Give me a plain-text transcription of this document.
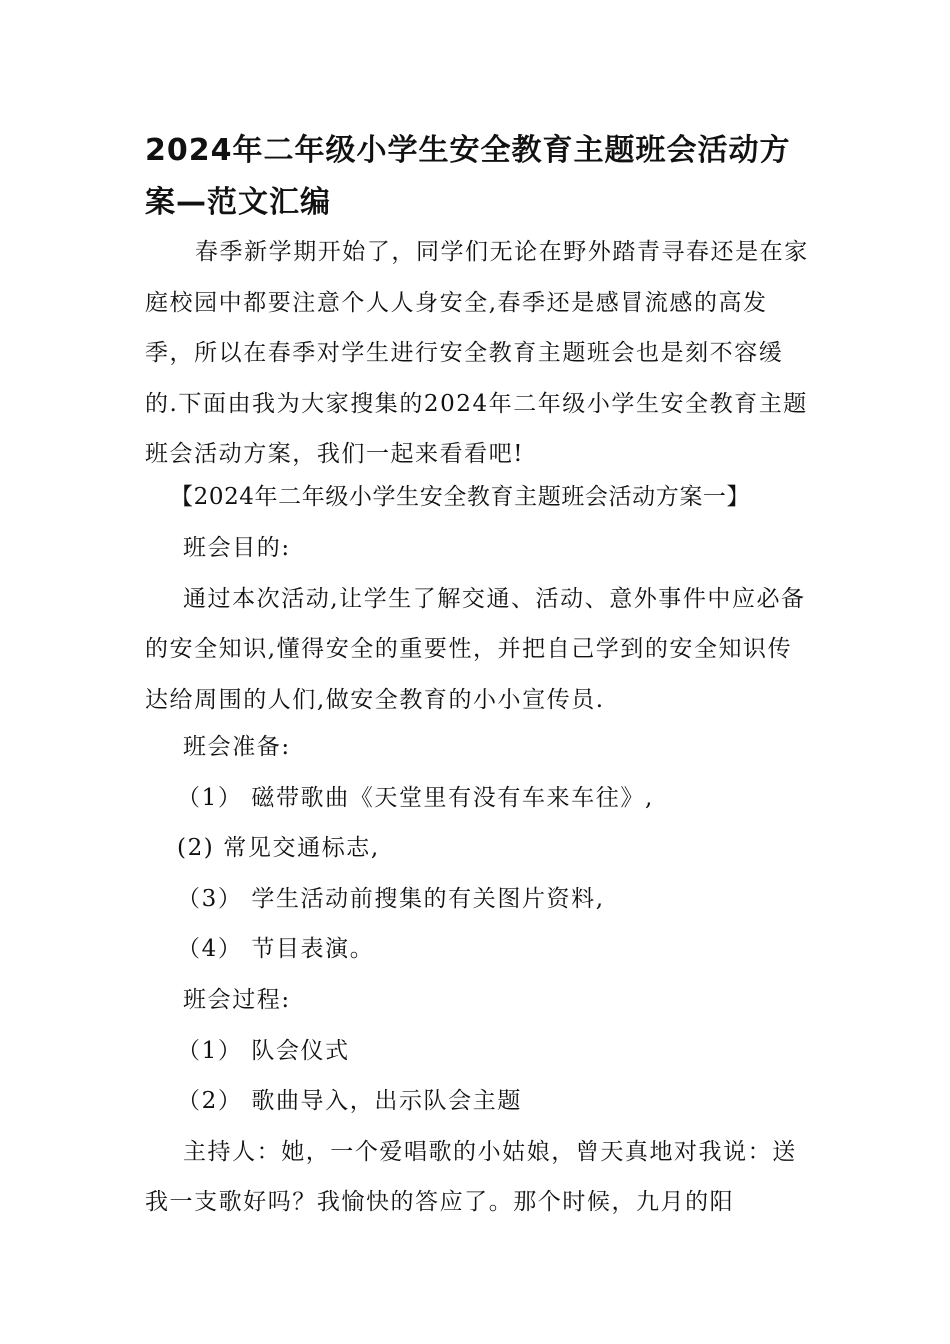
2024年二年级小学生安全教育主题班会活动方案—范文汇编

春季新学期开始了，同学们无论在野外踏青寻春还是在家庭校园中都要注意个人人身安全,春季还是感冒流感的高发季，所以在春季对学生进行安全教育主题班会也是刻不容缓的.下面由我为大家搜集的2024年二年级小学生安全教育主题班会活动方案，我们一起来看看吧!

【2024年二年级小学生安全教育主题班会活动方案一】

班会目的:

通过本次活动,让学生了解交通、活动、意外事件中应必备的安全知识,懂得安全的重要性，并把自己学到的安全知识传达给周围的人们,做安全教育的小小宣传员.

班会准备:

（1） 磁带歌曲《天堂里有没有车来车往》,

(2) 常见交通标志,

（3） 学生活动前搜集的有关图片资料,

（4） 节目表演。

班会过程:

（1） 队会仪式

（2） 歌曲导入，出示队会主题

主持人：她，一个爱唱歌的小姑娘，曾天真地对我说：送我一支歌好吗？我愉快的答应了。那个时候，九月的阳
